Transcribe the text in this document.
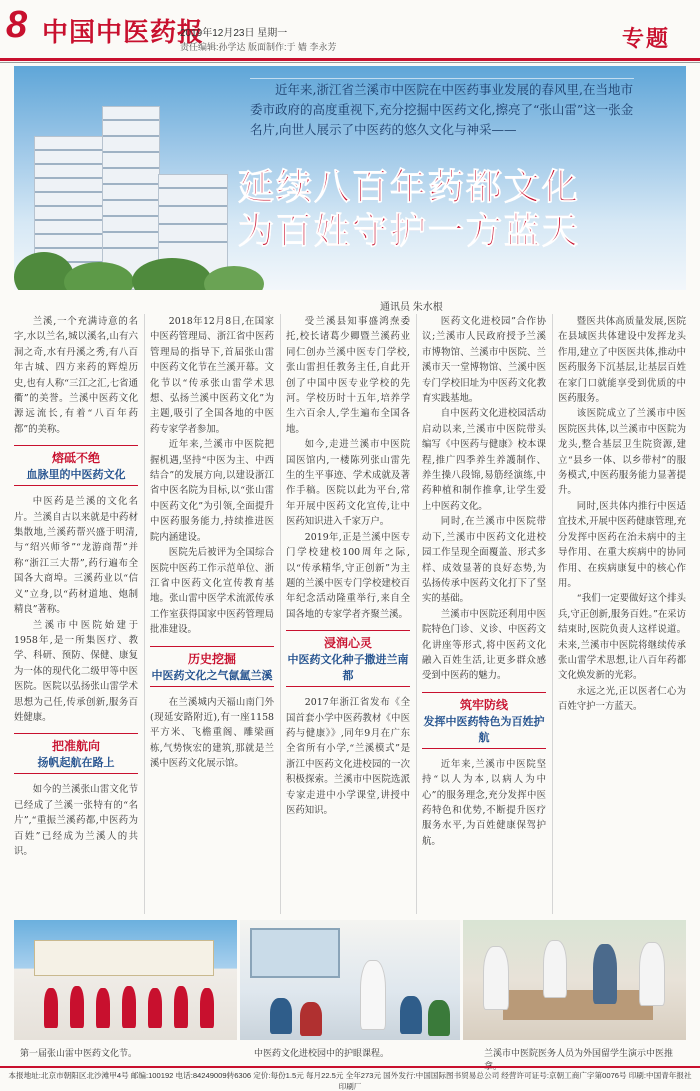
8 中国中医药报
2019年12月23日 星期一
责任编辑:孙学达 版面制作:于 嫱 李永芳	专题
近年来,浙江省兰溪市中医院在中医药事业发展的春风里,在当地市委市政府的高度重视下,充分挖掘中医药文化,擦亮了“张山雷”这一张金名片,向世人展示了中医药的悠久文化与神采——
延续八百年药都文化
为百姓守护一方蓝天
通讯员 朱水根

兰溪,一个充满诗意的名字,水以兰名,城以溪名,山有六洞之奇,水有丹溪之秀,有八百年古城、四方来药的辉煌历史,也有人称“三江之汇,七省通衢”的美誉。兰溪中医药文化源远流长,有着“八百年药都”的美称。

熔砥不绝
血脉里的中医药文化

中医药是兰溪的文化名片。兰溪自古以来就是中药材集散地,兰溪药帮兴盛于明清,与“绍兴师爷”“龙游商帮”并称“浙江三大帮”,药行遍布全国各大商埠。三溪药业以“信义”立身,以“药材道地、炮制精良”著称。

兰溪市中医院始建于1958年,是一所集医疗、教学、科研、预防、保健、康复为一体的现代化二级甲等中医医院。医院以弘扬张山雷学术思想为己任,传承创新,服务百姓健康。

把准航向
扬帆起航在路上

如今的兰溪张山雷文化节已经成了兰溪一张特有的“名片”,“重振兰溪药都,中医药为百姓”已经成为兰溪人的共识。

2018年12月8日,在国家中医药管理局、浙江省中医药管理局的指导下,首届张山雷中医药文化节在兰溪开幕。文化节以“传承张山雷学术思想、弘扬兰溪中医药文化”为主题,吸引了全国各地的中医药专家学者参加。

近年来,兰溪市中医院把握机遇,坚持“中医为主、中西结合”的发展方向,以建设浙江省中医名院为目标,以“张山雷中医药文化”为引领,全面提升中医药服务能力,持续推进医院内涵建设。

医院先后被评为全国综合医院中医药工作示范单位、浙江省中医药文化宣传教育基地。张山雷中医学术流派传承工作室获得国家中医药管理局批准建设。

历史挖掘
中医药文化之气氤氲兰溪

在兰溪城内天福山南门外(现延安路附近),有一座1158平方米、飞檐重阁、雕梁画栋,气势恢宏的建筑,那就是兰溪中医药文化展示馆。

受兰溪县知事盛鸿焘委托,校长诸葛少卿暨兰溪药业同仁创办兰溪中医专门学校,张山雷担任教务主任,自此开创了中国中医专业学校的先河。学校历时十五年,培养学生六百余人,学生遍布全国各地。

如今,走进兰溪市中医院国医馆内,一楼陈列张山雷先生的生平事迹、学术成就及著作手稿。医院以此为平台,常年开展中医药文化宣传,让中医药知识进入千家万户。

2019年,正是兰溪中医专门学校建校100周年之际,以“传承精华,守正创新”为主题的兰溪中医专门学校建校百年纪念活动隆重举行,来自全国各地的专家学者齐聚兰溪。

浸润心灵
中医药文化种子撒进兰南都

2017年浙江省发布《全国首套小学中医药教材《中医药与健康》》,同年9月在广东全省所有小学,“兰溪模式”是浙江中医药文化进校园的一次积极探索。兰溪市中医院选派专家走进中小学课堂,讲授中医药知识。

医药文化进校园”合作协议;兰溪市人民政府授予兰溪市博物馆、兰溪市中医院、兰溪市天一堂博物馆、兰溪中医专门学校旧址为中医药文化教育实践基地。

自中医药文化进校园活动启动以来,兰溪市中医院带头编写《中医药与健康》校本课程,推广四季养生养護制作、养生操八段锦,易筋经演练,中药种植和制作推拿,让学生爱上中医药文化。

同时,在兰溪市中医院带动下,兰溪市中医药文化进校园工作呈现全面覆盖、形式多样、成效显著的良好态势,为弘扬传承中医药文化打下了坚实的基础。

兰溪市中医院还利用中医院特色门诊、义诊、中医药文化讲座等形式,将中医药文化融入百姓生活,让更多群众感受到中医药的魅力。

筑牢防线
发挥中医药特色为百姓护航

近年来,兰溪市中医院坚持“以人为本,以病人为中心”的服务理念,充分发挥中医药特色和优势,不断提升医疗服务水平,为百姓健康保驾护航。

暨医共体高质量发展,医院在县域医共体建设中发挥龙头作用,建立了中医医共体,推动中医药服务下沉基层,让基层百姓在家门口就能享受到优质的中医药服务。

该医院成立了兰溪市中医医院医共体,以兰溪市中医院为龙头,整合基层卫生院资源,建立“县乡一体、以乡带村”的服务模式,中医药服务能力显著提升。

同时,医共体内推行中医适宜技术,开展中医药健康管理,充分发挥中医药在治未病中的主导作用、在重大疾病中的协同作用、在疾病康复中的核心作用。

“我们一定要做好这个排头兵,守正创新,服务百姓。”在采访结束时,医院负责人这样说道。未来,兰溪市中医院将继续传承张山雷学术思想,让八百年药都文化焕发新的光彩。

永远之光,正以医者仁心为百姓守护一方蓝天。

第一届张山雷中医药文化节。	中医药文化进校园中的护眼课程。	兰溪市中医院医务人员为外国留学生演示中医推拿。
本报地址:北京市朝阳区北沙滩甲4号 邮编:100192 电话:84249009转6306 定价:每份1.5元 每月22.5元 全年273元 国外发行:中国国际图书贸易总公司 经营许可证号:京朝工商广字第0076号 印刷:中国青年报社印刷厂
